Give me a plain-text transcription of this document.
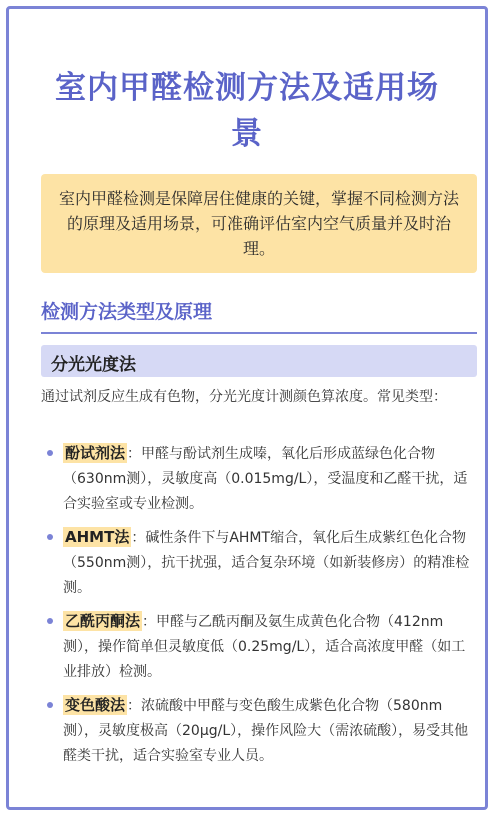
室内甲醛检测方法及适用场景
室内甲醛检测是保障居住健康的关键，掌握不同检测方法的原理及适用场景，可准确评估室内空气质量并及时治理。
检测方法类型及原理
分光光度法
通过试剂反应生成有色物，分光光度计测颜色算浓度。常见类型：
酚试剂法 ：甲醛与酚试剂生成嗪，氧化后形成蓝绿色化合物（630nm测），灵敏度高（0.015mg/L），受温度和乙醛干扰，适合实验室或专业检测。
AHMT法 ：碱性条件下与AHMT缩合，氧化后生成紫红色化合物（550nm测），抗干扰强，适合复杂环境（如新装修房）的精准检测。
乙酰丙酮法 ：甲醛与乙酰丙酮及氨生成黄色化合物（412nm测），操作简单但灵敏度低（0.25mg/L），适合高浓度甲醛（如工业排放）检测。
变色酸法 ：浓硫酸中甲醛与变色酸生成紫色化合物（580nm测），灵敏度极高（20μg/L），操作风险大（需浓硫酸），易受其他醛类干扰，适合实验室专业人员。
